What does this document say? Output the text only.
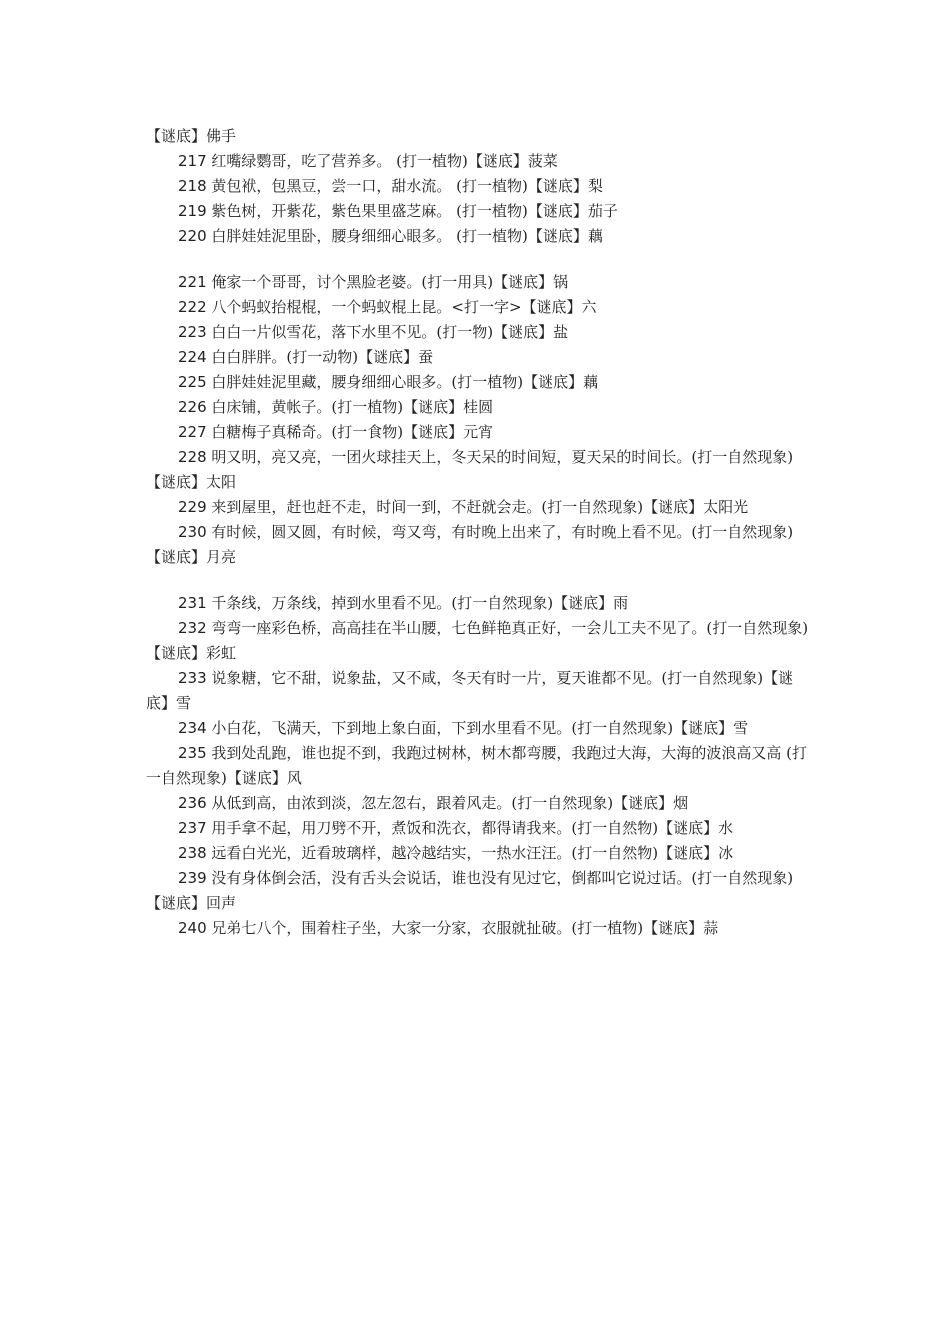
【谜底】佛手

217 红嘴绿鹦哥，吃了营养多。 (打一植物)【谜底】菠菜

218 黄包袱，包黑豆，尝一口，甜水流。 (打一植物)【谜底】梨

219 紫色树，开紫花，紫色果里盛芝麻。 (打一植物)【谜底】茄子

220 白胖娃娃泥里卧，腰身细细心眼多。 (打一植物)【谜底】藕

221 俺家一个哥哥，讨个黑脸老婆。(打一用具)【谜底】锅

222 八个蚂蚁抬棍棍，一个蚂蚁棍上昆。<打一字>【谜底】六

223 白白一片似雪花，落下水里不见。(打一物)【谜底】盐

224 白白胖胖。(打一动物)【谜底】蚕

225 白胖娃娃泥里藏，腰身细细心眼多。(打一植物)【谜底】藕

226 白床铺，黄帐子。(打一植物)【谜底】桂圆

227 白糖梅子真稀奇。(打一食物)【谜底】元宵

228 明又明，亮又亮，一团火球挂天上，冬天呆的时间短，夏天呆的时间长。(打一自然现象)【谜底】太阳

229 来到屋里，赶也赶不走，时间一到，不赶就会走。(打一自然现象)【谜底】太阳光

230 有时候，圆又圆，有时候，弯又弯，有时晚上出来了，有时晚上看不见。(打一自然现象)【谜底】月亮

231 千条线，万条线，掉到水里看不见。(打一自然现象)【谜底】雨

232 弯弯一座彩色桥，高高挂在半山腰，七色鲜艳真正好，一会儿工夫不见了。(打一自然现象)【谜底】彩虹

233 说象糖，它不甜，说象盐，又不咸，冬天有时一片，夏天谁都不见。(打一自然现象)【谜底】雪

234 小白花，飞满天，下到地上象白面，下到水里看不见。(打一自然现象)【谜底】雪

235 我到处乱跑，谁也捉不到，我跑过树林，树木都弯腰，我跑过大海，大海的波浪高又高 (打一自然现象)【谜底】风

236 从低到高，由浓到淡，忽左忽右，跟着风走。(打一自然现象)【谜底】烟

237 用手拿不起，用刀劈不开，煮饭和洗衣，都得请我来。(打一自然物)【谜底】水

238 远看白光光，近看玻璃样，越冷越结实，一热水汪汪。(打一自然物)【谜底】冰

239 没有身体倒会活，没有舌头会说话，谁也没有见过它，倒都叫它说过话。(打一自然现象)【谜底】回声

240 兄弟七八个，围着柱子坐，大家一分家，衣服就扯破。(打一植物)【谜底】蒜
